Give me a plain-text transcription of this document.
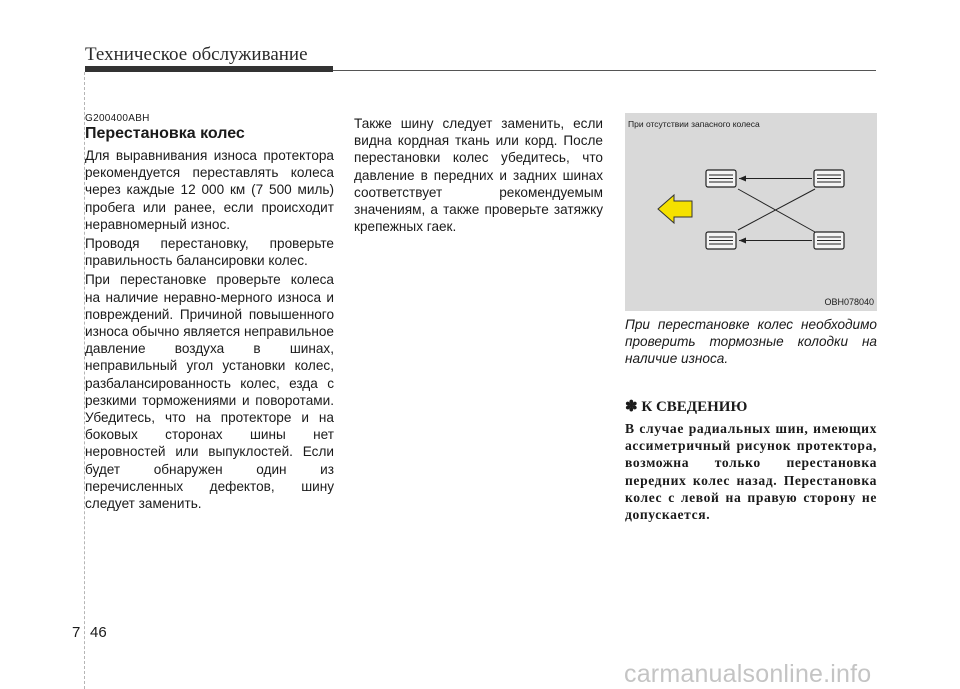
Техническое обслуживание
G200400ABH
Перестановка колес

Для выравнивания износа протектора рекомендуется переставлять колеса через каждые 12 000 км (7 500 миль) пробега или ранее, если происходит неравномерный износ.

Проводя перестановку, проверьте правильность балансировки колес.

При перестановке проверьте колеса на наличие неравно-мерного износа и повреждений. Причиной повышенного износа обычно является неправильное давление воздуха в шинах, неправильный угол установки колес, разбалансированность колес, езда с резкими торможениями и поворотами. Убедитесь, что на протекторе и на боковых сторонах шины нет неровностей или выпуклостей. Если будет обнаружен один из перечисленных дефектов, шину следует заменить.

Также шину следует заменить, если видна кордная ткань или корд. После перестановки колес убедитесь, что давление в передних и задних шинах соответствует рекомендуемым значениям, а также проверьте затяжку крепежных гаек.

При отсутствии запасного колеса
OBH078040
При перестановке колес необходимо проверить тормозные колодки на наличие износа.
✽ К СВЕДЕНИЮ
В случае радиальных шин, имеющих ассиметричный рисунок протектора, возможна только перестановка передних колес назад. Перестановка колес с левой на правую сторону не допускается.
7 46
carmanualsonline.info
